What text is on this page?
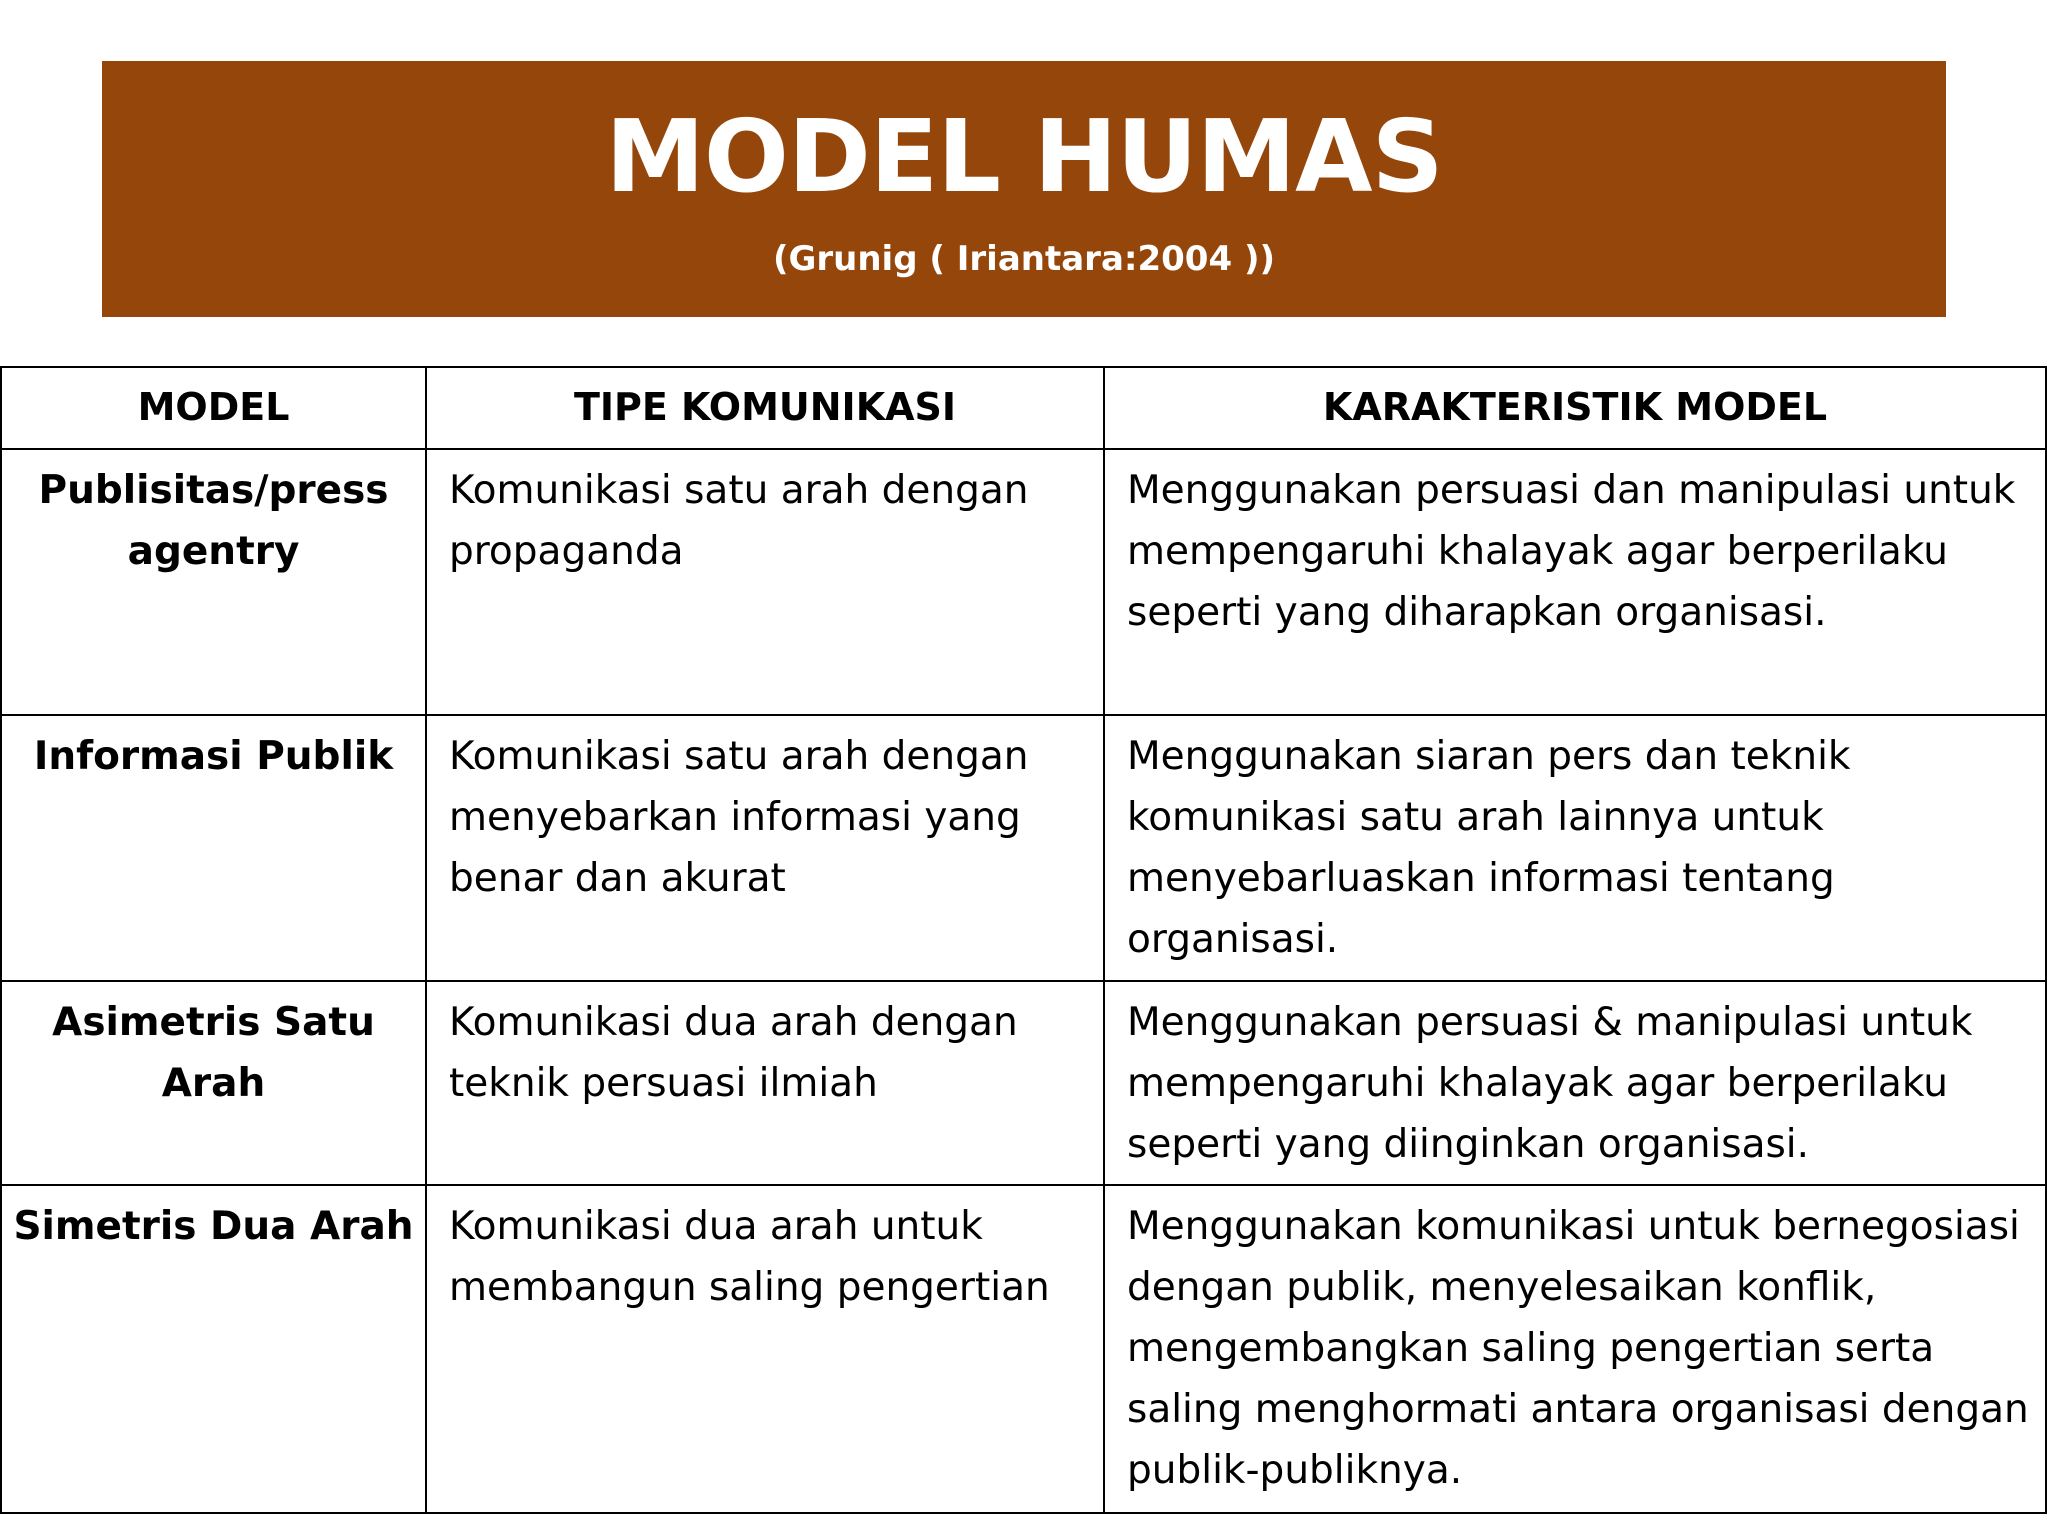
MODEL HUMAS
(Grunig ( Iriantara:2004 ))
MODEL	TIPE KOMUNIKASI	KARAKTERISTIK MODEL
Publisitas/press agentry	Komunikasi satu arah dengan propaganda	Menggunakan persuasi dan manipulasi untuk mempengaruhi khalayak agar berperilaku seperti yang diharapkan organisasi.
Informasi Publik	Komunikasi satu arah dengan menyebarkan informasi yang benar dan akurat	Menggunakan siaran pers dan teknik komunikasi satu arah lainnya untuk menyebarluaskan informasi tentang organisasi.
Asimetris Satu Arah	Komunikasi dua arah dengan teknik persuasi ilmiah	Menggunakan persuasi & manipulasi untuk mempengaruhi khalayak agar berperilaku seperti yang diinginkan organisasi.
Simetris Dua Arah	Komunikasi dua arah untuk membangun saling pengertian	Menggunakan komunikasi untuk bernegosiasi dengan publik, menyelesaikan konflik, mengembangkan saling pengertian serta saling menghormati antara organisasi dengan publik-publiknya.
